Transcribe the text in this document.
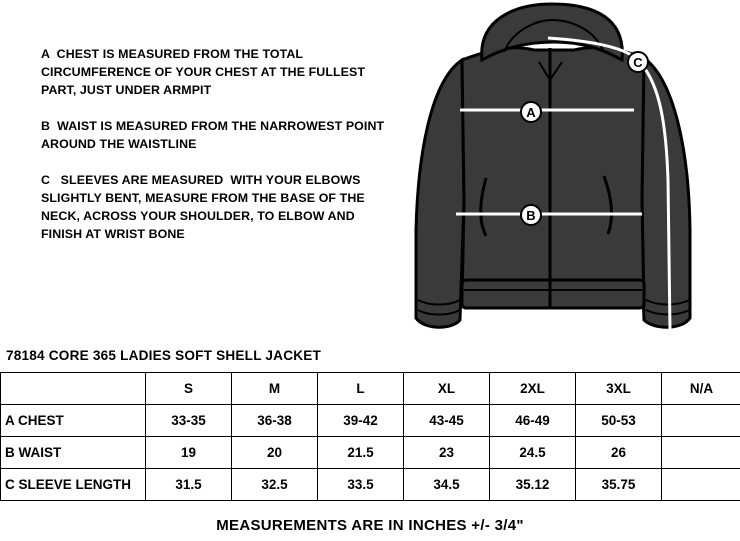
A  CHEST IS MEASURED FROM THE TOTAL
CIRCUMFERENCE OF YOUR CHEST AT THE FULLEST
PART, JUST UNDER ARMPIT

B  WAIST IS MEASURED FROM THE NARROWEST POINT
AROUND THE WAISTLINE

C   SLEEVES ARE MEASURED  WITH YOUR ELBOWS
SLIGHTLY BENT, MEASURE FROM THE BASE OF THE
NECK, ACROSS YOUR SHOULDER, TO ELBOW AND
FINISH AT WRIST BONE

A
B
C
78184 CORE 365 LADIES SOFT SHELL JACKET
	S	M	L	XL	2XL	3XL	N/A
A CHEST	33-35	36-38	39-42	43-45	46-49	50-53	
B WAIST	19	20	21.5	23	24.5	26	
C SLEEVE LENGTH	31.5	32.5	33.5	34.5	35.12	35.75	
MEASUREMENTS ARE IN INCHES +/- 3/4"
